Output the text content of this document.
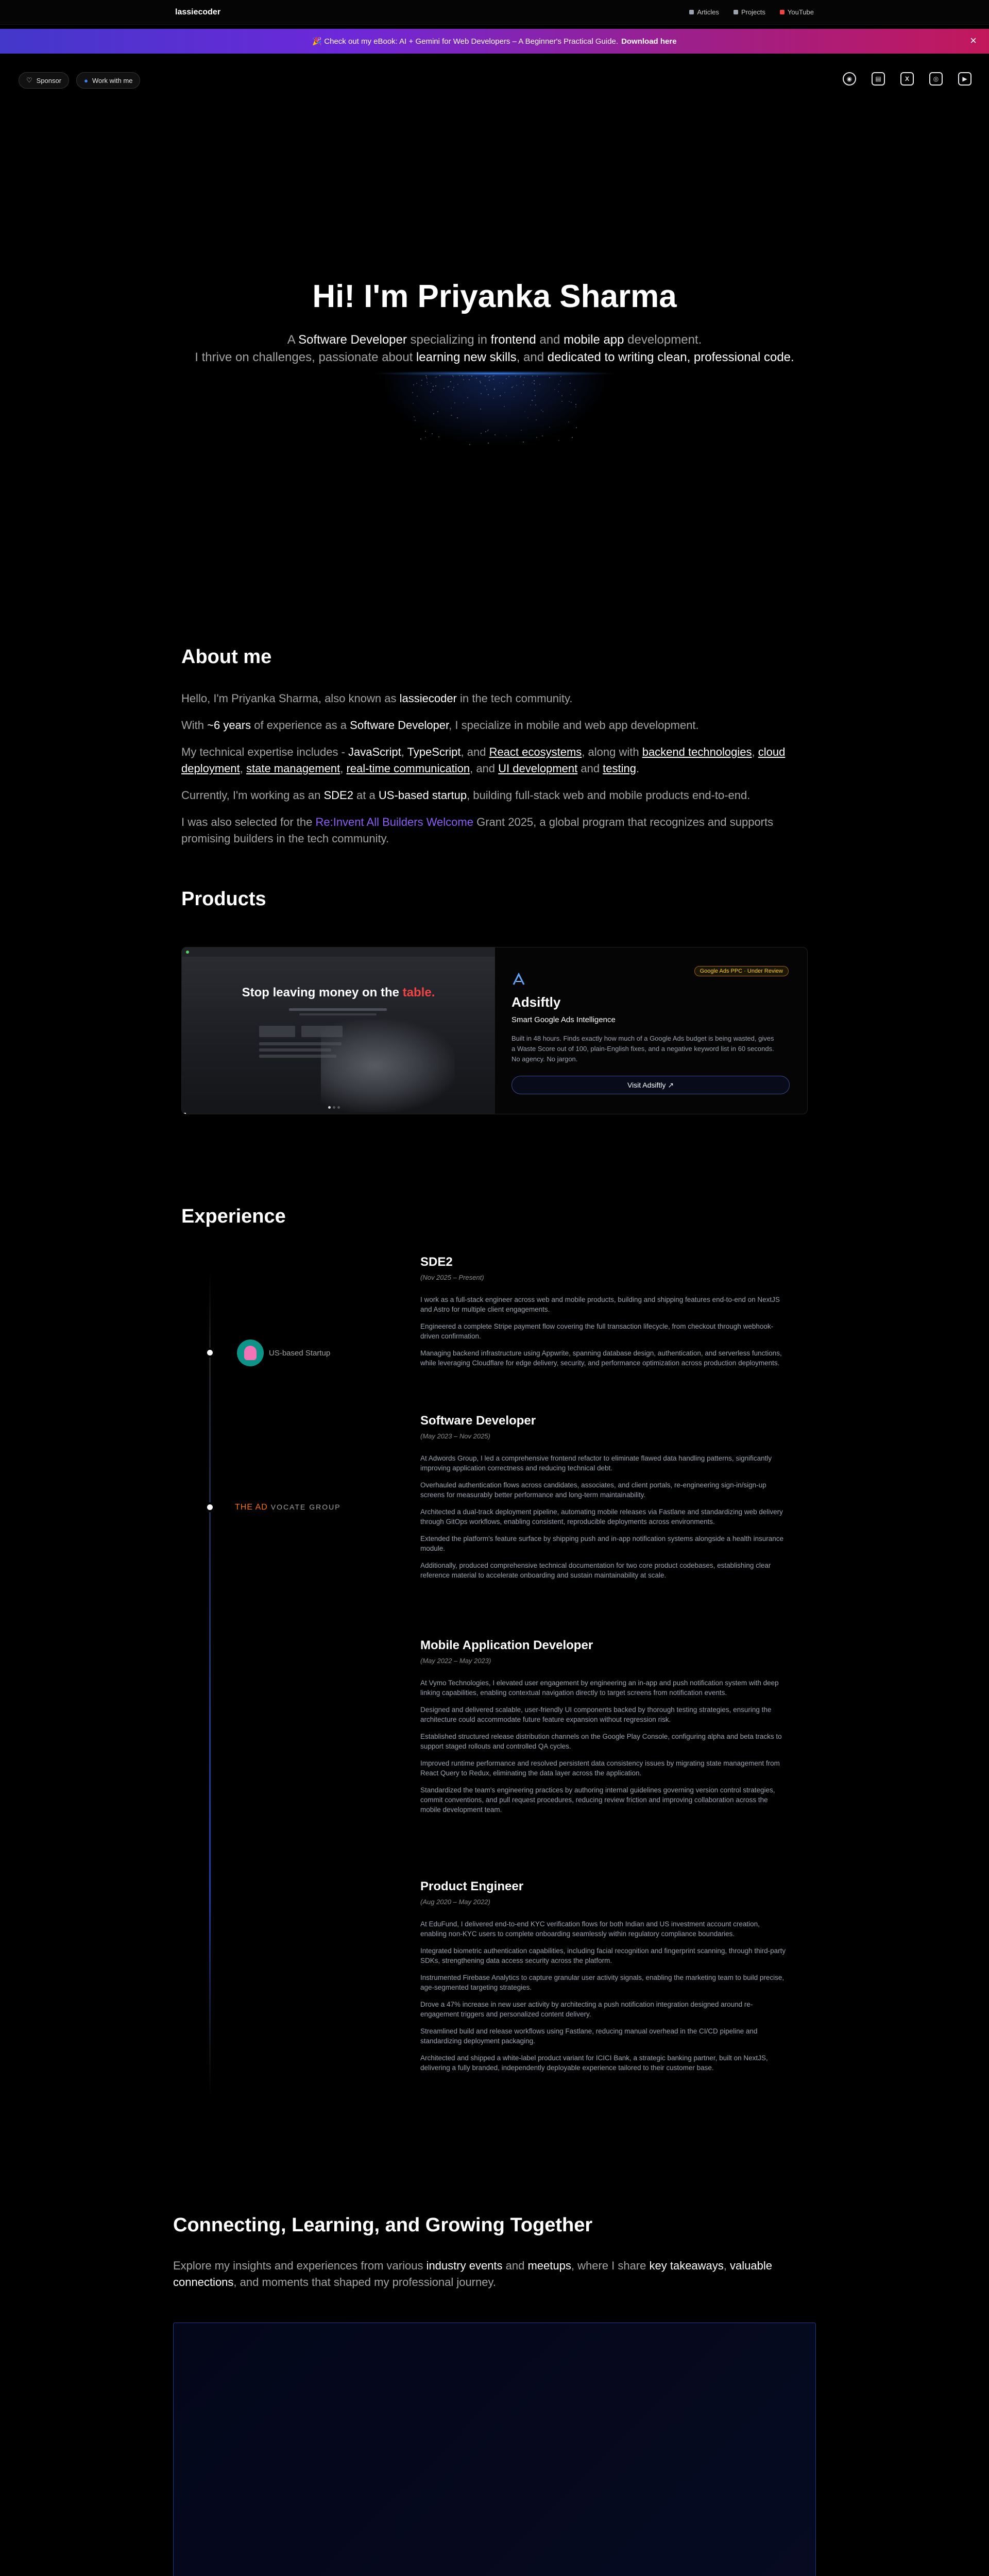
lassiecoder	Articles	Projects	YouTube
🎉 Check out my eBook: AI + Gemini for Web Developers – A Beginner's Practical Guide. Download here	×
♡ Sponsor	● Work with me	◉	▤	X	◎	▶
Hi! I'm Priyanka Sharma
A Software Developer specializing in frontend and mobile app development.
I thrive on challenges, passionate about learning new skills, and dedicated to writing clean, professional code.
About me
Hello, I'm Priyanka Sharma, also known as lassiecoder in the tech community.
With ~6 years of experience as a Software Developer, I specialize in mobile and web app development.
My technical expertise includes - JavaScript, TypeScript, and React ecosystems, along with backend technologies, cloud deployment, state management, real-time communication, and UI development and testing.
Currently, I'm working as an SDE2 at a US-based startup, building full-stack web and mobile products end-to-end.
I was also selected for the Re:Invent All Builders Welcome Grant 2025, a global program that recognizes and supports promising builders in the tech community.
Products
Stop leaving money on the table.
Google Ads PPC · Under Review
Adsiftly
Smart Google Ads Intelligence
Built in 48 hours. Finds exactly how much of a Google Ads budget is being wasted, gives a Waste Score out of 100, plain-English fixes, and a negative keyword list in 60 seconds. No agency. No jargon.
Visit Adsiftly ↗
Experience
US-based Startup
THE AD VOCATE GROUP
SDE2
(Nov 2025 – Present)
I work as a full-stack engineer across web and mobile products, building and shipping features end-to-end on NextJS and Astro for multiple client engagements.
Engineered a complete Stripe payment flow covering the full transaction lifecycle, from checkout through webhook-driven confirmation.
Managing backend infrastructure using Appwrite, spanning database design, authentication, and serverless functions, while leveraging Cloudflare for edge delivery, security, and performance optimization across production deployments.
Software Developer
(May 2023 – Nov 2025)
At Adwords Group, I led a comprehensive frontend refactor to eliminate flawed data handling patterns, significantly improving application correctness and reducing technical debt.
Overhauled authentication flows across candidates, associates, and client portals, re-engineering sign-in/sign-up screens for measurably better performance and long-term maintainability.
Architected a dual-track deployment pipeline, automating mobile releases via Fastlane and standardizing web delivery through GitOps workflows, enabling consistent, reproducible deployments across environments.
Extended the platform's feature surface by shipping push and in-app notification systems alongside a health insurance module.
Additionally, produced comprehensive technical documentation for two core product codebases, establishing clear reference material to accelerate onboarding and sustain maintainability at scale.
Mobile Application Developer
(May 2022 – May 2023)
At Vymo Technologies, I elevated user engagement by engineering an in-app and push notification system with deep linking capabilities, enabling contextual navigation directly to target screens from notification events.
Designed and delivered scalable, user-friendly UI components backed by thorough testing strategies, ensuring the architecture could accommodate future feature expansion without regression risk.
Established structured release distribution channels on the Google Play Console, configuring alpha and beta tracks to support staged rollouts and controlled QA cycles.
Improved runtime performance and resolved persistent data consistency issues by migrating state management from React Query to Redux, eliminating the data layer across the application.
Standardized the team's engineering practices by authoring internal guidelines governing version control strategies, commit conventions, and pull request procedures, reducing review friction and improving collaboration across the mobile development team.
Product Engineer
(Aug 2020 – May 2022)
At EduFund, I delivered end-to-end KYC verification flows for both Indian and US investment account creation, enabling non-KYC users to complete onboarding seamlessly within regulatory compliance boundaries.
Integrated biometric authentication capabilities, including facial recognition and fingerprint scanning, through third-party SDKs, strengthening data access security across the platform.
Instrumented Firebase Analytics to capture granular user activity signals, enabling the marketing team to build precise, age-segmented targeting strategies.
Drove a 47% increase in new user activity by architecting a push notification integration designed around re-engagement triggers and personalized content delivery.
Streamlined build and release workflows using Fastlane, reducing manual overhead in the CI/CD pipeline and standardizing deployment packaging.
Architected and shipped a white-label product variant for ICICI Bank, a strategic banking partner, built on NextJS, delivering a fully branded, independently deployable experience tailored to their customer base.
Connecting, Learning, and Growing Together
Explore my insights and experiences from various industry events and meetups, where I share key takeaways, valuable connections, and moments that shaped my professional journey.
